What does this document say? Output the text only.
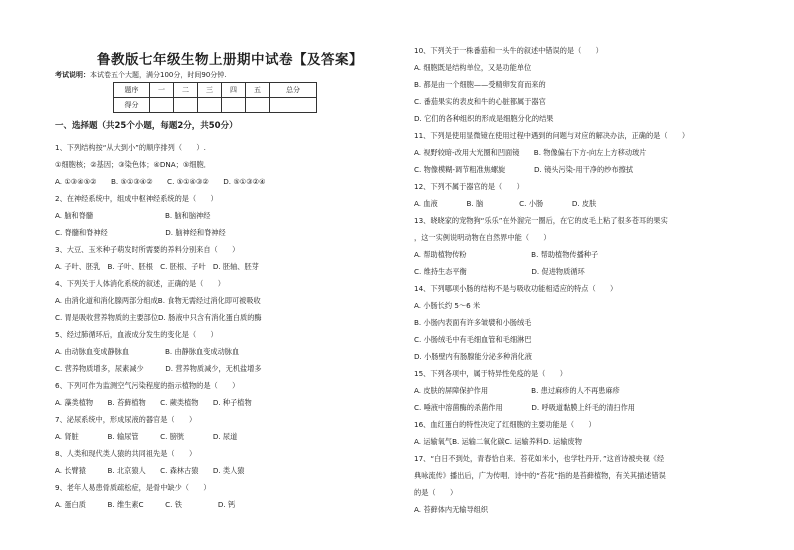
鲁教版七年级生物上册期中试卷【及答案】
考试说明：本试卷五个大题，满分100分，时间90分钟.
题序	一	二	三	四	五	总分
得分						
一、选择题（共25个小题，每题2分，共50分）
1、下列结构按“从大到小”的顺序排列（　　）.
①细胞核；②基因；③染色体；④DNA；⑤细胞．
A. ①③④⑤②　　B. ⑤①③④②　　C. ⑤①④③②　　D. ⑤①③②④
2、在神经系统中，组成中枢神经系统的是（　　）
A. 脑和脊髓　　　　　　　　　　B. 脑和脑神经
C. 脊髓和脊神经　　　　　　　　D. 脑神经和脊神经
3、大豆、玉米种子萌发时所需要的养料分别来自（　　）
A. 子叶、胚乳　B. 子叶、胚根　C. 胚根、子叶　D. 胚轴、胚芽
4、下列关于人体消化系统的叙述，正确的是（　　）
A. 由消化道和消化腺两部分组成B. 食物无需经过消化即可被吸收
C. 胃是吸收营养物质的主要部位D. 肠液中只含有消化蛋白质的酶
5、经过肺循环后，血液成分发生的变化是（　　）
A. 由动脉血变成静脉血　　　　　B. 由静脉血变成动脉血
C. 营养物质增多，尿素减少　　　D. 营养物质减少，无机盐增多
6、下列可作为监测空气污染程度的指示植物的是（　　）
A. 藻类植物　　B. 苔藓植物　　C. 蕨类植物　　D. 种子植物
7、泌尿系统中，形成尿液的器官是（　　）
A. 肾脏　　　　B. 输尿管　　　C. 膀胱　　　　D. 尿道
8、人类和现代类人猿的共同祖先是（　　）
A. 长臂猿　　　B. 北京猿人　　C. 森林古猿　　D. 类人猿
9、老年人易患骨质疏松症，是骨中缺少（　　）
A. 蛋白质　　　B. 维生素C　　　C. 铁　　　　　D. 钙
10、下列关于一株番茄和一头牛的叙述中错误的是（　　）
A. 细胞既是结构单位，又是功能单位
B. 都是由一个细胞——受精卵发育而来的
C. 番茄果实的表皮和牛的心脏都属于器官
D. 它们的各种组织的形成是细胞分化的结果
11、下列是使用显微镜在使用过程中遇到的问题与对应的解决办法，正确的是（　　）
A. 视野较暗-改用大光圈和凹面镜　　B. 物像偏右下方-向左上方移动玻片
C. 物像模糊-调节粗准焦螺旋　　　　D. 镜头污染-用干净的纱布擦拭
12、下列不属于器官的是（　　）
A. 血液　　　　B. 脑　　　　　C. 小肠　　　　D. 皮肤
13、晓晓家的宠物狗“乐乐”在外溜完一圈后，在它的皮毛上粘了很多苍耳的果实
，这一实例说明动物在自然界中能（　　）
A. 帮助植物传粉　　　　　　　　　B. 帮助植物传播种子
C. 维持生态平衡　　　　　　　　　D. 促进物质循环
14、下列哪项小肠的结构不是与吸收功能相适应的特点（　　）
A. 小肠长约 5～6 米
B. 小肠内表面有许多皱襞和小肠绒毛
C. 小肠绒毛中有毛细血管和毛细淋巴
D. 小肠壁内有肠腺能分泌多种消化液
15、下列各项中，属于特异性免疫的是（　　）
A. 皮肤的屏障保护作用　　　　　　B. 患过麻疹的人不再患麻疹
C. 唾液中溶菌酶的杀菌作用　　　　D. 呼吸道黏膜上纤毛的清扫作用
16、血红蛋白的特性决定了红细胞的主要功能是（　　）
A. 运输氧气B. 运输二氧化碳C. 运输养料D. 运输废物
17、“白日不到处，青春恰自来．苔花如米小，也学牡丹开．”这首诗被央视《经
典咏流传》播出后，广为传唱．诗中的“苔花”指的是苔藓植物，有关其描述错误
的是（　　）
A. 苔藓体内无输导组织
